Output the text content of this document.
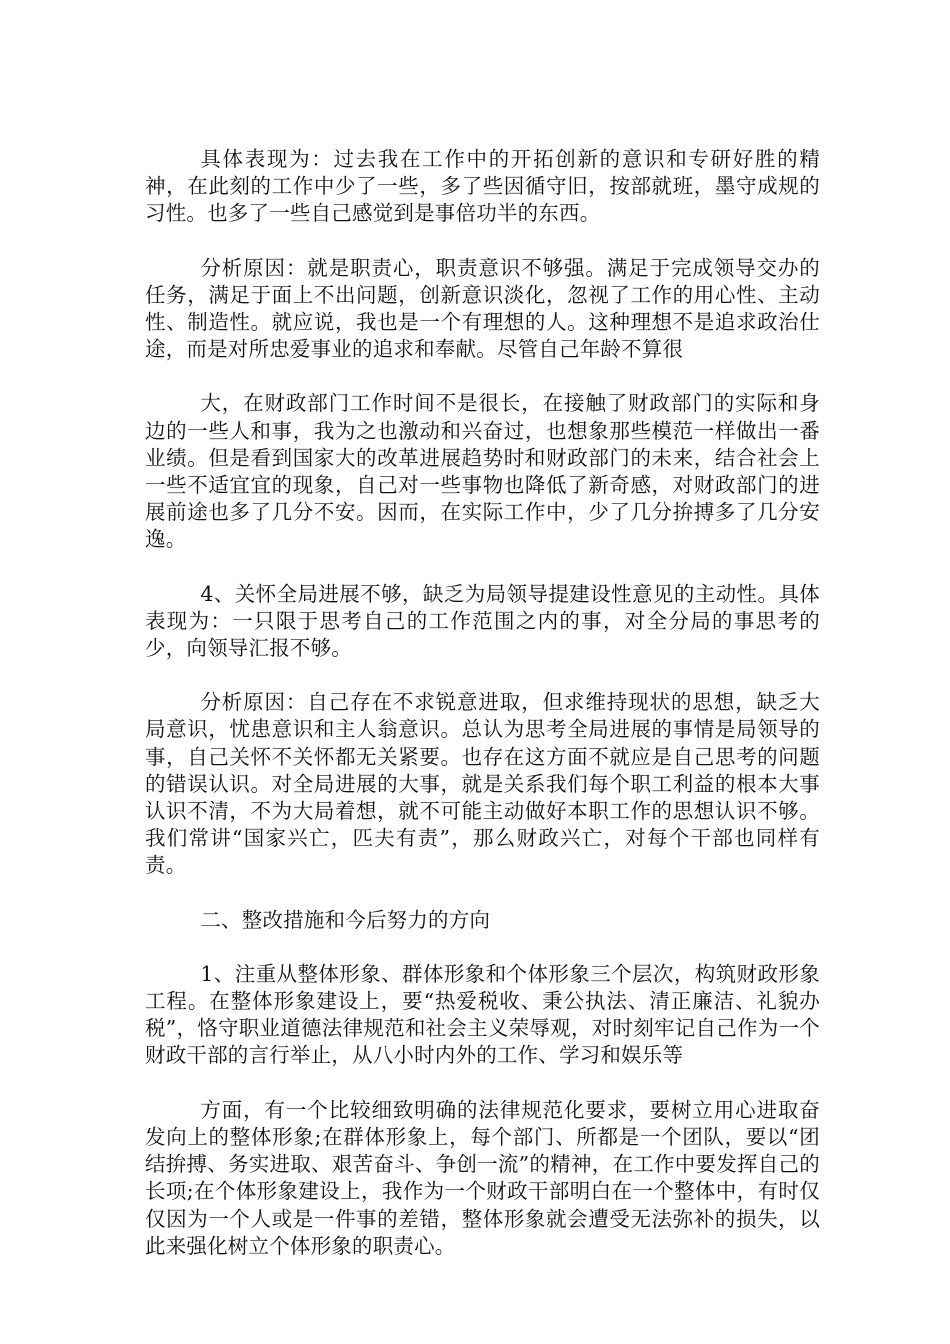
具体表现为：过去我在工作中的开拓创新的意识和专研好胜的精神，在此刻的工作中少了一些，多了些因循守旧，按部就班，墨守成规的习性。也多了一些自己感觉到是事倍功半的东西。

分析原因：就是职责心，职责意识不够强。满足于完成领导交办的任务，满足于面上不出问题，创新意识淡化，忽视了工作的用心性、主动性、制造性。就应说，我也是一个有理想的人。这种理想不是追求政治仕途，而是对所忠爱事业的追求和奉献。尽管自己年龄不算很

大，在财政部门工作时间不是很长，在接触了财政部门的实际和身边的一些人和事，我为之也激动和兴奋过，也想象那些模范一样做出一番业绩。但是看到国家大的改革进展趋势时和财政部门的未来，结合社会上一些不适宜宜的现象，自己对一些事物也降低了新奇感，对财政部门的进展前途也多了几分不安。因而，在实际工作中，少了几分拚搏多了几分安逸。

4、关怀全局进展不够，缺乏为局领导提建设性意见的主动性。具体表现为：一只限于思考自己的工作范围之内的事，对全分局的事思考的少，向领导汇报不够。

分析原因：自己存在不求锐意进取，但求维持现状的思想，缺乏大局意识，忧患意识和主人翁意识。总认为思考全局进展的事情是局领导的事，自己关怀不关怀都无关紧要。也存在这方面不就应是自己思考的问题的错误认识。对全局进展的大事，就是关系我们每个职工利益的根本大事认识不清，不为大局着想，就不可能主动做好本职工作的思想认识不够。我们常讲“国家兴亡，匹夫有责”，那么财政兴亡，对每个干部也同样有责。

二、整改措施和今后努力的方向

1、注重从整体形象、群体形象和个体形象三个层次，构筑财政形象工程。在整体形象建设上，要“热爱税收、秉公执法、清正廉洁、礼貌办税”，恪守职业道德法律规范和社会主义荣辱观，对时刻牢记自己作为一个财政干部的言行举止，从八小时内外的工作、学习和娱乐等

方面，有一个比较细致明确的法律规范化要求，要树立用心进取奋发向上的整体形象;在群体形象上，每个部门、所都是一个团队，要以“团结拚搏、务实进取、艰苦奋斗、争创一流”的精神，在工作中要发挥自己的长项;在个体形象建设上，我作为一个财政干部明白在一个整体中，有时仅仅因为一个人或是一件事的差错，整体形象就会遭受无法弥补的损失，以此来强化树立个体形象的职责心。
